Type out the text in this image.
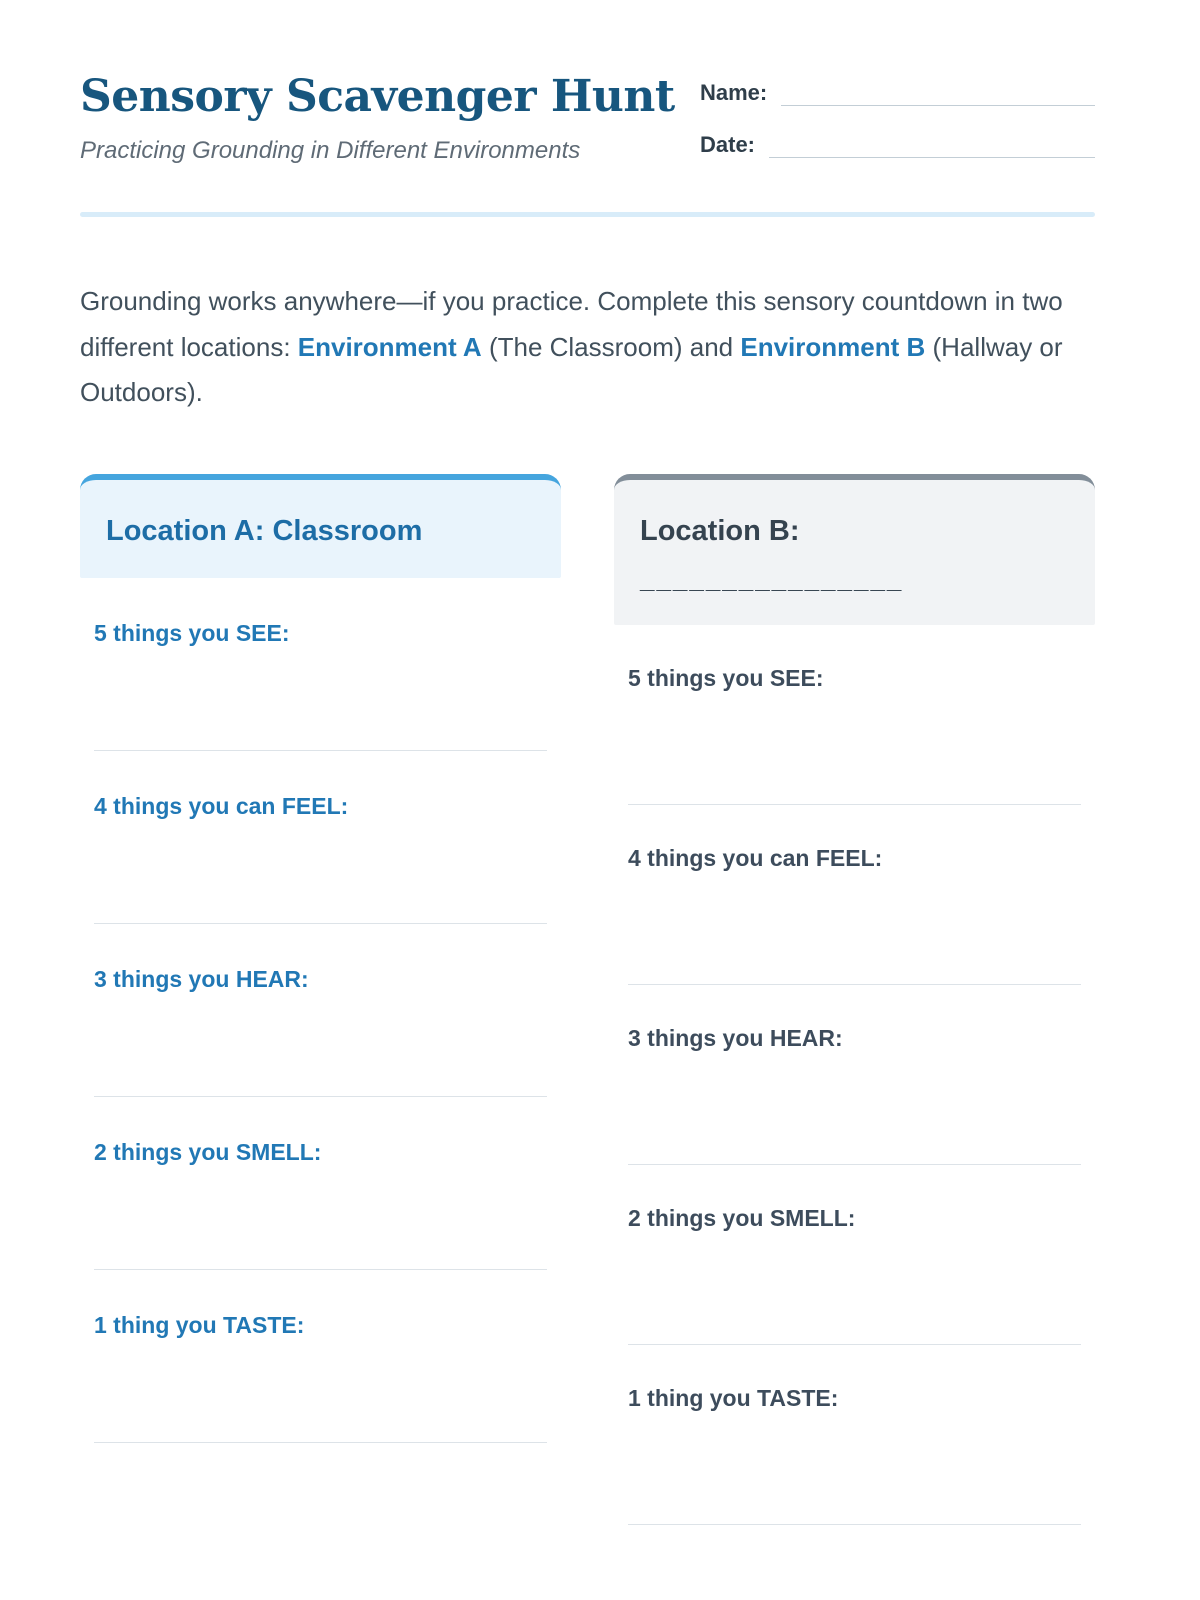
Sensory Scavenger Hunt
Practicing Grounding in Different Environments
Name:
Date:

Grounding works anywhere—if you practice. Complete this sensory countdown in two different locations: Environment A (The Classroom) and Environment B (Hallway or Outdoors).

Location A: Classroom
5 things you SEE:
4 things you can FEEL:
3 things you HEAR:
2 things you SMELL:
1 thing you TASTE:
Location B:
________________
5 things you SEE:
4 things you can FEEL:
3 things you HEAR:
2 things you SMELL:
1 thing you TASTE:
